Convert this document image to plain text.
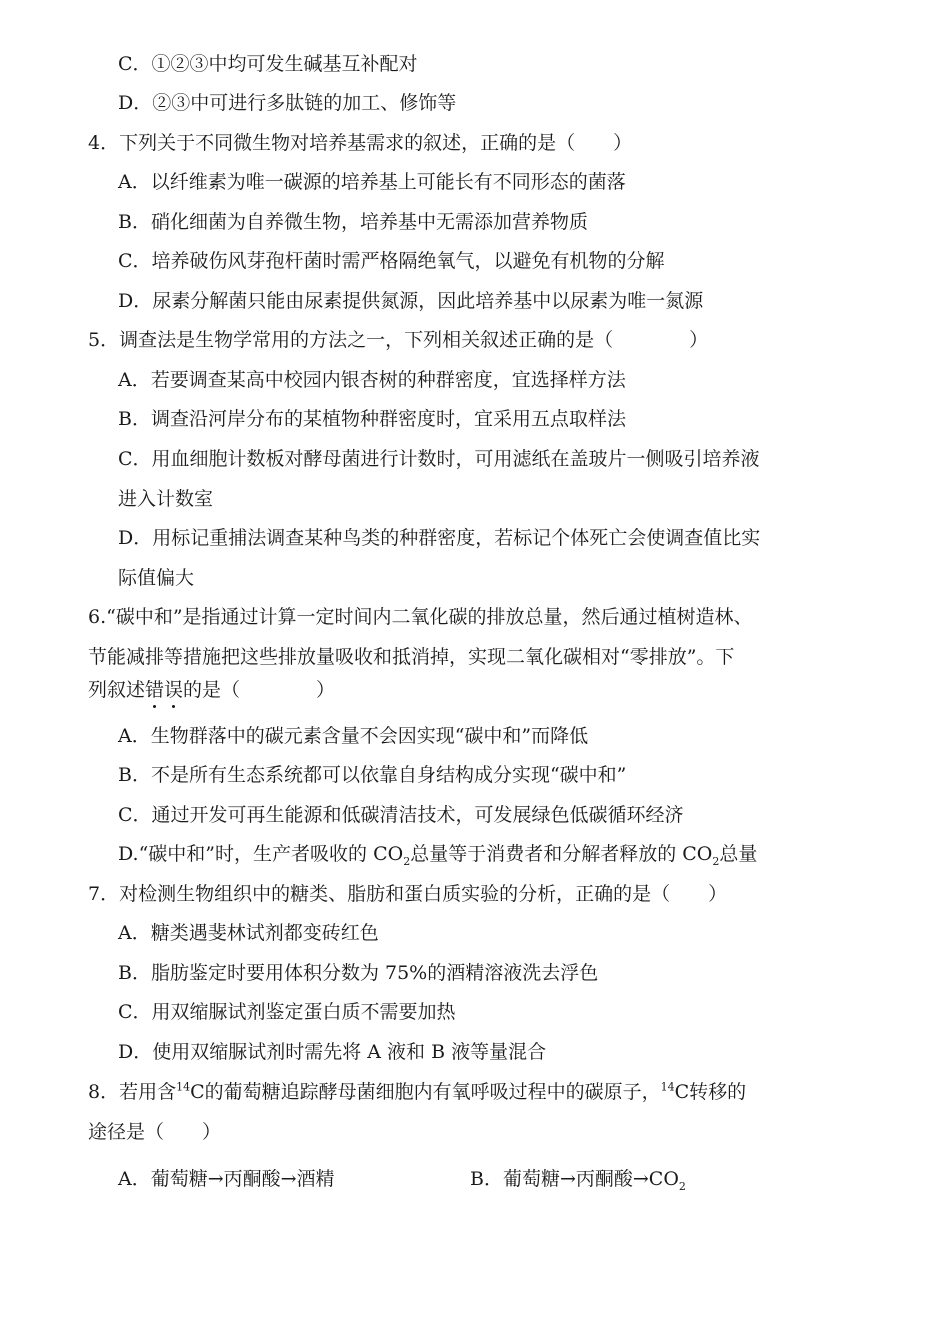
C．①②③中均可发生碱基互补配对
D．②③中可进行多肽链的加工、修饰等
4．下列关于不同微生物对培养基需求的叙述，正确的是（　　）
A．以纤维素为唯一碳源的培养基上可能长有不同形态的菌落
B．硝化细菌为自养微生物，培养基中无需添加营养物质
C．培养破伤风芽孢杆菌时需严格隔绝氧气，以避免有机物的分解
D．尿素分解菌只能由尿素提供氮源，因此培养基中以尿素为唯一氮源
5．调查法是生物学常用的方法之一，下列相关叙述正确的是（　　　　）
A．若要调查某高中校园内银杏树的种群密度，宜选择样方法
B．调查沿河岸分布的某植物种群密度时，宜采用五点取样法
C．用血细胞计数板对酵母菌进行计数时，可用滤纸在盖玻片一侧吸引培养液
进入计数室
D．用标记重捕法调查某种鸟类的种群密度，若标记个体死亡会使调查值比实
际值偏大
6.“碳中和”是指通过计算一定时间内二氧化碳的排放总量，然后通过植树造林、
节能减排等措施把这些排放量吸收和抵消掉，实现二氧化碳相对“零排放”。下
列叙述错误的是（　　　　）
A．生物群落中的碳元素含量不会因实现“碳中和”而降低
B．不是所有生态系统都可以依靠自身结构成分实现“碳中和”
C．通过开发可再生能源和低碳清洁技术，可发展绿色低碳循环经济
D.“碳中和”时，生产者吸收的 $CO_2$总量等于消费者和分解者释放的 $CO_2$总量
7．对检测生物组织中的糖类、脂肪和蛋白质实验的分析，正确的是（　　）
A．糖类遇斐林试剂都变砖红色
B．脂肪鉴定时要用体积分数为 75%的酒精溶液洗去浮色
C．用双缩脲试剂鉴定蛋白质不需要加热
D．使用双缩脲试剂时需先将 A 液和 B 液等量混合
8．若用含$^{14}$C的葡萄糖追踪酵母菌细胞内有氧呼吸过程中的碳原子，$^{14}$C转移的
途径是（　　）
A．葡萄糖→丙酮酸→酒精	B．葡萄糖→丙酮酸$\to CO_2$
